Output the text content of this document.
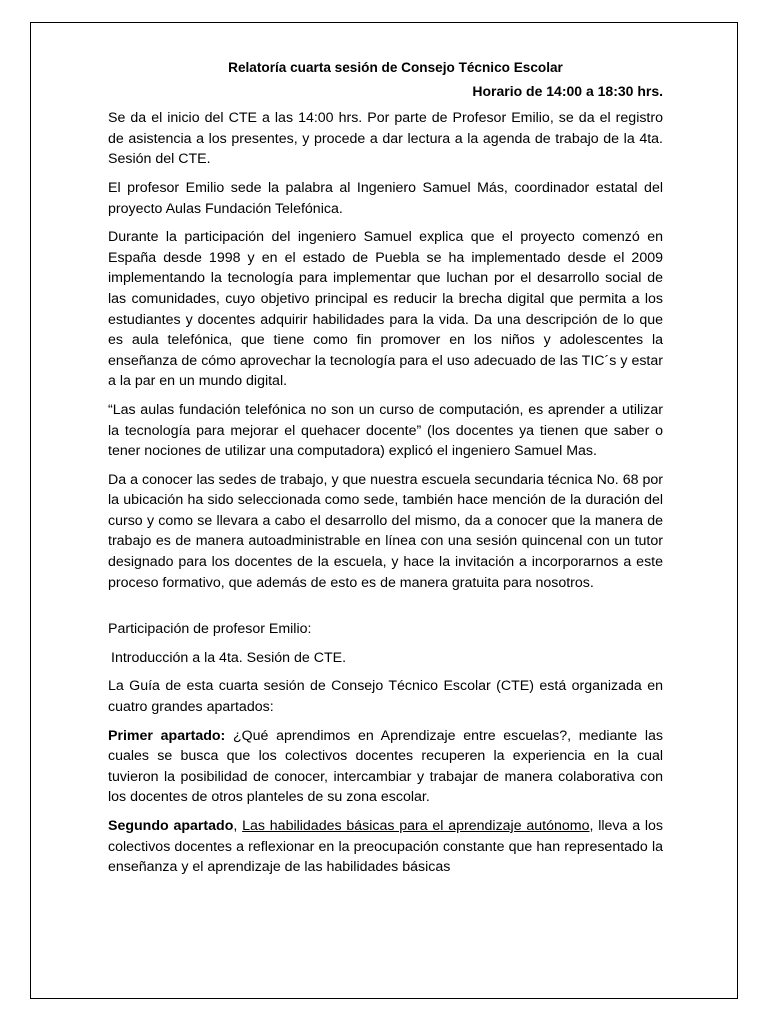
Relatoría cuarta sesión de Consejo Técnico Escolar

Horario de 14:00 a 18:30 hrs.

Se da el inicio del CTE a las 14:00 hrs. Por parte de Profesor Emilio, se da el registro de asistencia a los presentes, y procede a dar lectura a la agenda de trabajo de la 4ta. Sesión del CTE.

El profesor Emilio sede la palabra al Ingeniero Samuel Más, coordinador estatal del proyecto Aulas Fundación Telefónica.

Durante la participación del ingeniero Samuel explica que el proyecto comenzó en España desde 1998 y en el estado de Puebla se ha implementado desde el 2009 implementando la tecnología para implementar que luchan por el desarrollo social de las comunidades, cuyo objetivo principal es reducir la brecha digital que permita a los estudiantes y docentes adquirir habilidades para la vida. Da una descripción de lo que es aula telefónica, que tiene como fin promover en los niños y adolescentes la enseñanza de cómo aprovechar la tecnología para el uso adecuado de las TIC´s y estar a la par en un mundo digital.

“Las aulas fundación telefónica no son un curso de computación, es aprender a utilizar la tecnología para mejorar el quehacer docente” (los docentes ya tienen que saber o tener nociones de utilizar una computadora) explicó el ingeniero Samuel Mas.

Da a conocer las sedes de trabajo, y que nuestra escuela secundaria técnica No. 68 por la ubicación ha sido seleccionada como sede, también hace mención de la duración del curso y como se llevara a cabo el desarrollo del mismo, da a conocer que la manera de trabajo es de manera autoadministrable en línea con una sesión quincenal con un tutor designado para los docentes de la escuela, y hace la invitación a incorporarnos a este proceso formativo, que además de esto es de manera gratuita para nosotros.

Participación de profesor Emilio:

Introducción a la 4ta. Sesión de CTE.

La Guía de esta cuarta sesión de Consejo Técnico Escolar (CTE) está organizada en cuatro grandes apartados:

Primer apartado: ¿Qué aprendimos en Aprendizaje entre escuelas?, mediante las cuales se busca que los colectivos docentes recuperen la experiencia en la cual tuvieron la posibilidad de conocer, intercambiar y trabajar de manera colaborativa con los docentes de otros planteles de su zona escolar.

Segundo apartado, Las habilidades básicas para el aprendizaje autónomo, lleva a los colectivos docentes a reflexionar en la preocupación constante que han representado la enseñanza y el aprendizaje de las habilidades básicas
